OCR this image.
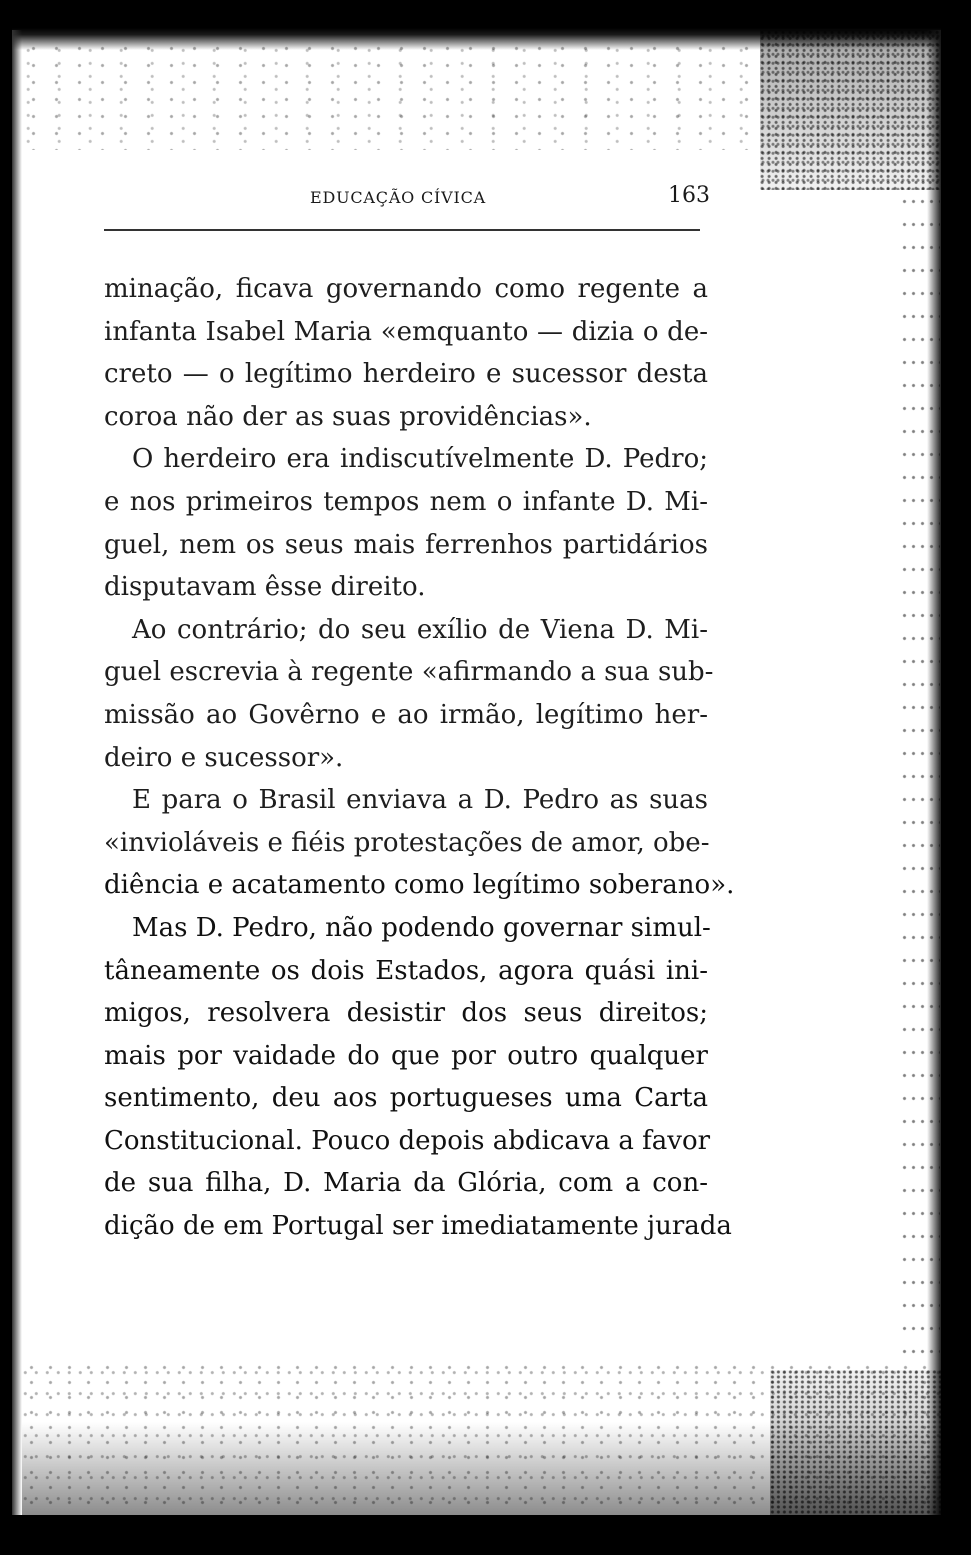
EDUCAÇÃO CÍVICA	163
minação, ficava governando como regente a
infanta Isabel Maria «emquanto — dizia o de-
creto — o legítimo herdeiro e sucessor desta
coroa não der as suas providências».
O herdeiro era indiscutívelmente D. Pedro;
e nos primeiros tempos nem o infante D. Mi-
guel, nem os seus mais ferrenhos partidários
disputavam êsse direito.
Ao contrário; do seu exílio de Viena D. Mi-
guel escrevia à regente «afirmando a sua sub-
missão ao Govêrno e ao irmão, legítimo her-
deiro e sucessor».
E para o Brasil enviava a D. Pedro as suas
«invioláveis e fiéis protestações de amor, obe-
diência e acatamento como legítimo soberano».
Mas D. Pedro, não podendo governar simul-
tâneamente os dois Estados, agora quási ini-
migos, resolvera desistir dos seus direitos;
mais por vaidade do que por outro qualquer
sentimento, deu aos portugueses uma Carta
Constitucional. Pouco depois abdicava a favor
de sua filha, D. Maria da Glória, com a con-
dição de em Portugal ser imediatamente jurada
